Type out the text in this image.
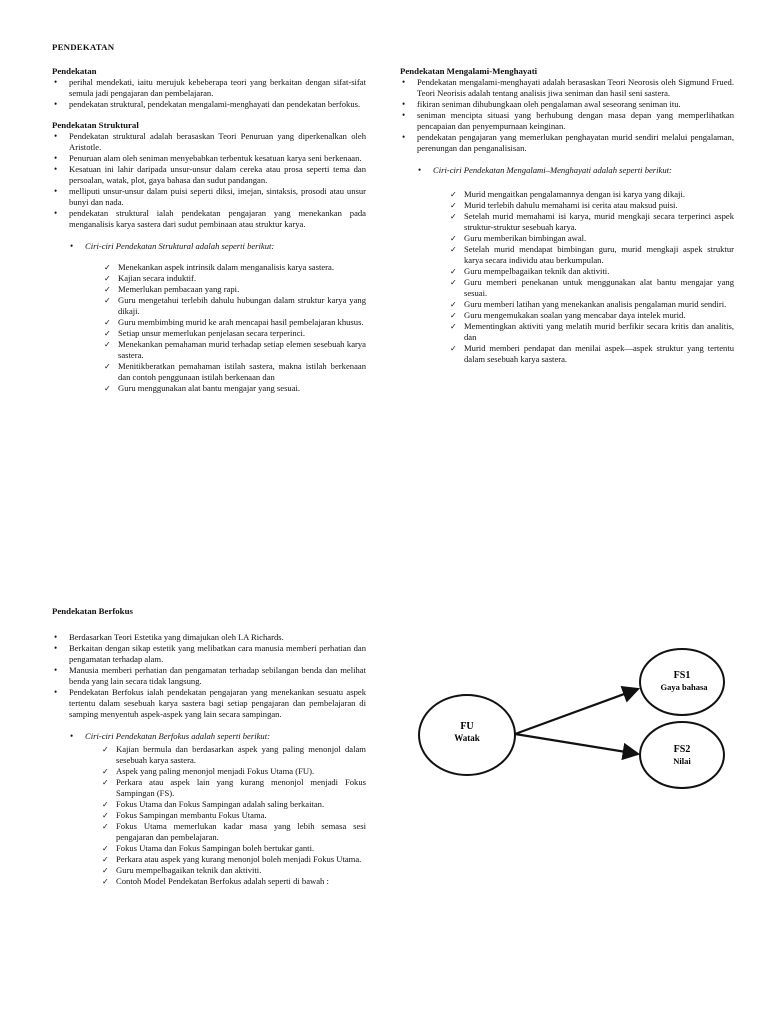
PENDEKATAN
Pendekatan
• perihal mendekati, iaitu merujuk kebeberapa teori yang berkaitan dengan sifat-sifat semula jadi pengajaran dan pembelajaran.
• pendekatan struktural, pendekatan mengalami-menghayati dan pendekatan berfokus.
Pendekatan Struktural
• Pendekatan struktural adalah berasaskan Teori Penuruan yang diperkenalkan oleh Aristotle.
• Penuruan alam oleh seniman menyebabkan terbentuk kesatuan karya seni berkenaan.
• Kesatuan ini lahir daripada unsur-unsur dalam cereka atau prosa seperti tema dan persoalan, watak, plot, gaya bahasa dan sudut pandangan.
• melliputi unsur-unsur dalam puisi seperti diksi, imejan, sintaksis, prosodi atau unsur bunyi dan nada.
• pendekatan struktural ialah pendekatan pengajaran yang menekankan pada menganalisis karya sastera dari sudut pembinaan atau struktur karya.
• Ciri-ciri Pendekatan Struktural adalah seperti berikut:
✓ Menekankan aspek intrinsik dalam menganalisis karya sastera.
✓ Kajian secara induktif.
✓ Memerlukan pembacaan yang rapi.
✓ Guru mengetahui terlebih dahulu hubungan dalam struktur karya yang dikaji.
✓ Guru membimbing murid ke arah mencapai hasil pembelajaran khusus.
✓ Setiap unsur memerlukan penjelasan secara terperinci.
✓ Menekankan pemahaman murid terhadap setiap elemen sesebuah karya sastera.
✓ Menitikberatkan pemahaman istilah sastera, makna istilah berkenaan dan contoh penggunaan istilah berkenaan dan
✓ Guru menggunakan alat bantu mengajar yang sesuai.
Pendekatan Mengalami-Menghayati
• Pendekatan mengalami-menghayati adalah berasaskan Teori Neorosis oleh Sigmund Frued. Teori Neorisis adalah tentang analisis jiwa seniman dan hasil seni sastera.
• fikiran seniman dihubungkaan oleh pengalaman awal seseorang seniman itu.
• seniman mencipta situasi yang berhubung dengan masa depan yang memperlihatkan pencapaian dan penyempurnaan keinginan.
• pendekatan pengajaran yang memerlukan penghayatan murid sendiri melalui pengalaman, perenungan dan penganalisisan.
• Ciri-ciri Pendekatan Mengalami–Menghayati adalah seperti berikut:
✓ Murid mengaitkan pengalamannya dengan isi karya yang dikaji.
✓ Murid terlebih dahulu memahami isi cerita atau maksud puisi.
✓ Setelah murid memahami isi karya, murid mengkaji secara terperinci aspek struktur-struktur sesebuah karya.
✓ Guru memberikan bimbingan awal.
✓ Setelah murid mendapat bimbingan guru, murid mengkaji aspek struktur karya secara individu atau berkumpulan.
✓ Guru mempelbagaikan teknik dan aktiviti.
✓ Guru memberi penekanan untuk menggunakan alat bantu mengajar yang sesuai.
✓ Guru memberi latihan yang menekankan analisis pengalaman murid sendiri.
✓ Guru mengemukakan soalan yang mencabar daya intelek murid.
✓ Mementingkan aktiviti yang melatih murid berfikir secara kritis dan analitis, dan
✓ Murid memberi pendapat dan menilai aspek—aspek struktur yang tertentu dalam sesebuah karya sastera.
Pendekatan Berfokus
• Berdasarkan Teori Estetika yang dimajukan oleh I.A Richards.
• Berkaitan dengan sikap estetik yang melibatkan cara manusia memberi perhatian dan pengamatan terhadap alam.
• Manusia memberi perhatian dan pengamatan terhadap sebilangan benda dan melihat benda yang lain secara tidak langsung.
• Pendekatan Berfokus ialah pendekatan pengajaran yang menekankan sesuatu aspek tertentu dalam sesebuah karya sastera bagi setiap pengajaran dan pembelajaran di samping menyentuh aspek-aspek yang lain secara sampingan.
• Ciri-ciri Pendekatan Berfokus adalah seperti berikut:
✓ Kajian bermula dan berdasarkan aspek yang paling menonjol dalam sesebuah karya sastera.
✓ Aspek yang paling menonjol menjadi Fokus Utama (FU).
✓ Perkara atau aspek lain yang kurang menonjol menjadi Fokus Sampingan (FS).
✓ Fokus Utama dan Fokus Sampingan adalah saling berkaitan.
✓ Fokus Sampingan membantu Fokus Utama.
✓ Fokus Utama memerlukan kadar masa yang lebih semasa sesi pengajaran dan pembelajaran.
✓ Fokus Utama dan Fokus Sampingan boleh bertukar ganti.
✓ Perkara atau aspek yang kurang menonjol boleh menjadi Fokus Utama.
✓ Guru mempelbagaikan teknik dan aktiviti.
✓ Contoh Model Pendekatan Berfokus adalah seperti di bawah :
FU
Watak
FS1
Gaya bahasa
FS2
Nilai
